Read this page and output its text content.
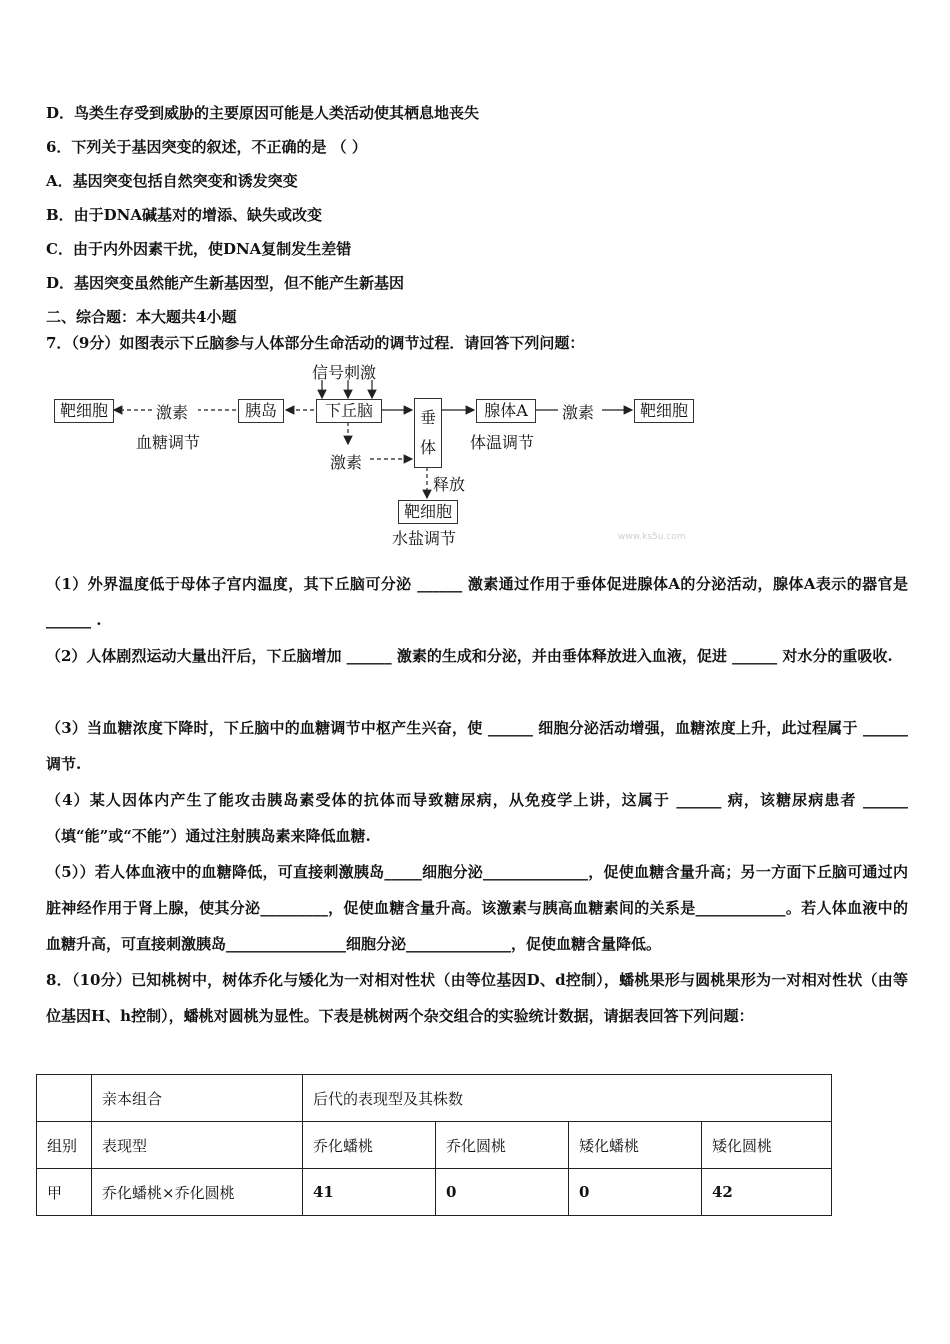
D．鸟类生存受到威胁的主要原因可能是人类活动使其栖息地丧失
6．下列关于基因突变的叙述，不正确的是 （ ）
A．基因突变包括自然突变和诱发突变
B．由于DNA碱基对的增添、缺失或改变
C．由于内外因素干扰，使DNA复制发生差错
D．基因突变虽然能产生新基因型，但不能产生新基因
二、综合题：本大题共4小题
7．（9分）如图表示下丘脑参与人体部分生命活动的调节过程．请回答下列问题：
信号刺激
靶细胞	激素	胰岛	下丘脑	垂
体
腺体A	激素	靶细胞
血糖调节	体温调节
激素
释放
靶细胞
水盐调节	www.ks5u.com
（1）外界温度低于母体子宫内温度，其下丘脑可分泌 ______ 激素通过作用于垂体促进腺体A的分泌活动，腺体A表示的器官是 ______ .
（2）人体剧烈运动大量出汗后，下丘脑增加 ______ 激素的生成和分泌，并由垂体释放进入血液，促进 ______ 对水分的重吸收.
（3）当血糖浓度下降时，下丘脑中的血糖调节中枢产生兴奋，使 ______ 细胞分泌活动增强，血糖浓度上升，此过程属于 ______ 调节.
（4）某人因体内产生了能攻击胰岛素受体的抗体而导致糖尿病，从免疫学上讲，这属于 ______ 病，该糖尿病患者 ______ （填“能”或“不能”）通过注射胰岛素来降低血糖.
（5））若人体血液中的血糖降低，可直接刺激胰岛_____细胞分泌______________，促使血糖含量升高；另一方面下丘脑可通过内脏神经作用于肾上腺，使其分泌_________，促使血糖含量升高。该激素与胰高血糖素间的关系是____________。若人体血液中的血糖升高，可直接刺激胰岛________________细胞分泌______________，促使血糖含量降低。
8．（10分）已知桃树中，树体乔化与矮化为一对相对性状（由等位基因D、d控制），蟠桃果形与圆桃果形为一对相对性状（由等位基因H、h控制），蟠桃对圆桃为显性。下表是桃树两个杂交组合的实验统计数据，请据表回答下列问题：
	亲本组合	后代的表现型及其株数			
组别	表现型	乔化蟠桃	乔化圆桃	矮化蟠桃	矮化圆桃
甲	乔化蟠桃×乔化圆桃	41	0	0	42
